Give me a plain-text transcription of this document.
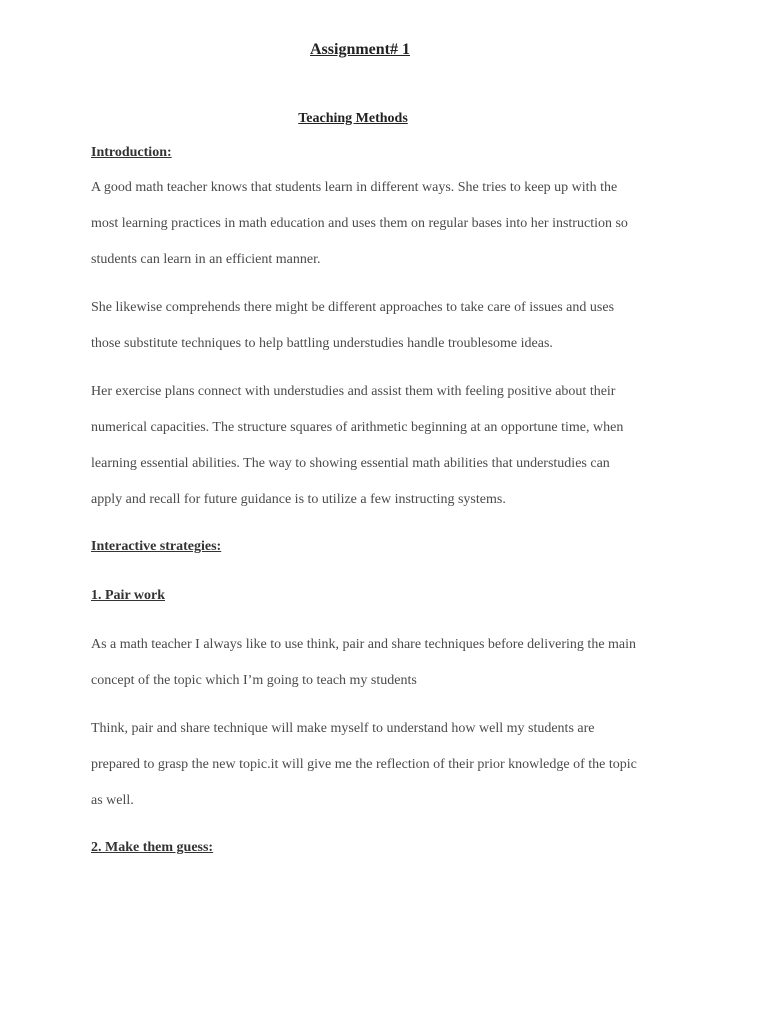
Assignment# 1
Teaching Methods
Introduction:
A good math teacher knows that students learn in different ways. She tries to keep up with the
most learning practices in math education and uses them on regular bases into her instruction so
students can learn in an efficient manner.
She likewise comprehends there might be different approaches to take care of issues and uses
those substitute techniques to help battling understudies handle troublesome ideas.
Her exercise plans connect with understudies and assist them with feeling positive about their
numerical capacities. The structure squares of arithmetic beginning at an opportune time, when
learning essential abilities. The way to showing essential math abilities that understudies can
apply and recall for future guidance is to utilize a few instructing systems.
Interactive strategies:
1. Pair work
As a math teacher I always like to use think, pair and share techniques before delivering the main
concept of the topic which I’m going to teach my students
Think, pair and share technique will make myself to understand how well my students are
prepared to grasp the new topic.it will give me the reflection of their prior knowledge of the topic
as well.
2. Make them guess:
